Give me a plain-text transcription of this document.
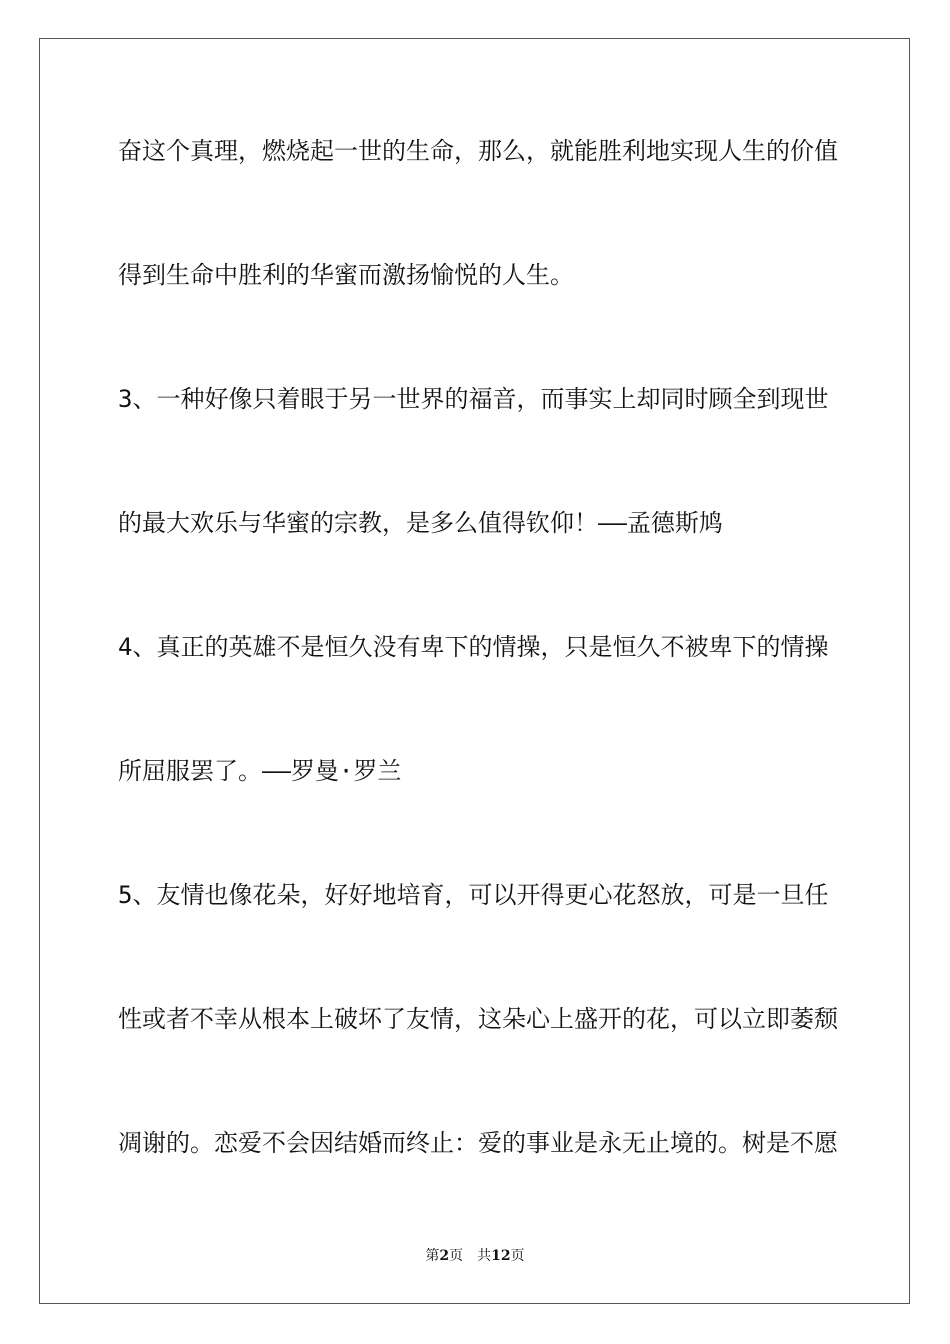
奋这个真理，燃烧起一世的生命，那么，就能胜利地实现人生的价值
得到生命中胜利的华蜜而激扬愉悦的人生。
3、一种好像只着眼于另一世界的福音，而事实上却同时顾全到现世
的最大欢乐与华蜜的宗教，是多么值得钦仰！——孟德斯鸠
4、真正的英雄不是恒久没有卑下的情操，只是恒久不被卑下的情操
所屈服罢了。——罗曼·罗兰
5、友情也像花朵，好好地培育，可以开得更心花怒放，可是一旦任
性或者不幸从根本上破坏了友情，这朵心上盛开的花，可以立即萎颓
凋谢的。恋爱不会因结婚而终止：爱的事业是永无止境的。树是不愿
第2页 共12页
